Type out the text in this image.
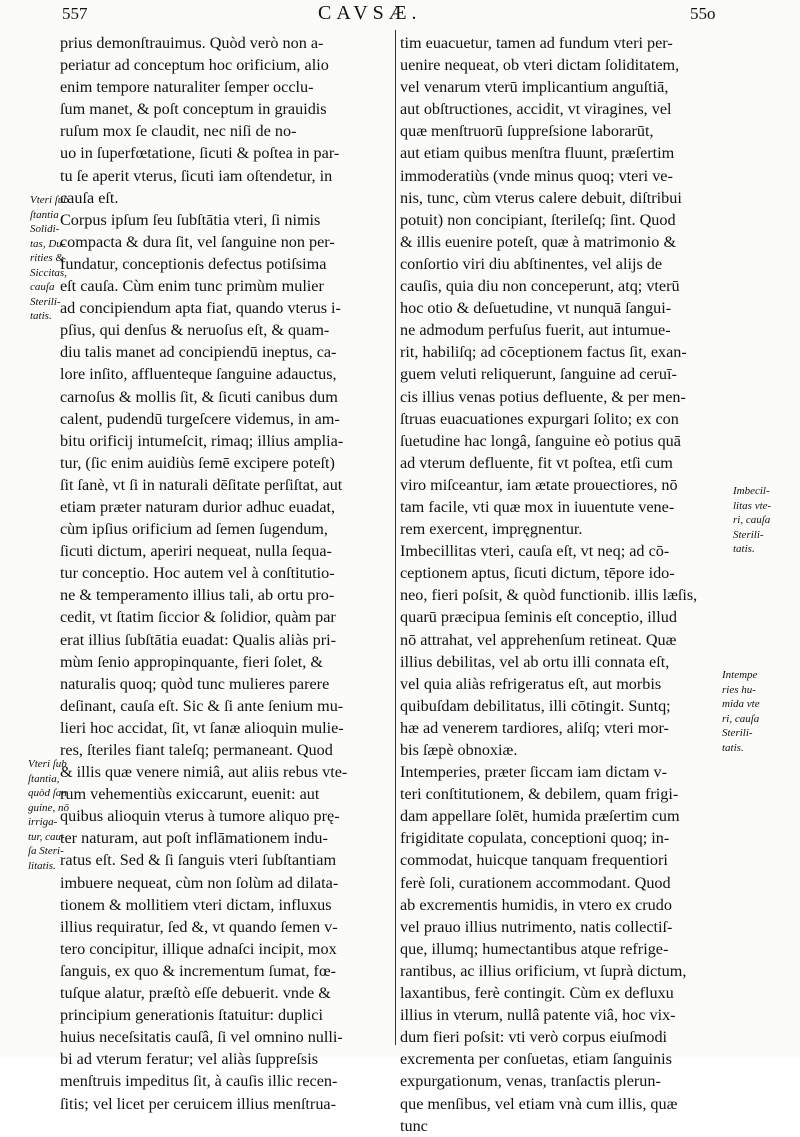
557	CAVSÆ.	55o
prius demonſtrauimus. Quòd verò non a-
periatur ad conceptum hoc orificium, alio
enim tempore naturaliter ſemper occlu-
ſum manet, & poſt conceptum in grauidis
ruſum mox ſe claudit, nec niſi de no-
uo in ſuperfœtatione, ſicuti & poſtea in par-
tu ſe aperit vterus, ſicuti iam oſtendetur, in
cauſa eſt.
Corpus ipſum ſeu ſubſtātia vteri, ſi nimis
compacta & dura ſit, vel ſanguine non per-
fundatur, conceptionis defectus potiſsima
eſt cauſa. Cùm enim tunc primùm mulier
ad concipiendum apta fiat, quando vterus i-
pſius, qui denſus & neruoſus eſt, & quam-
diu talis manet ad concipiendū ineptus, ca-
lore inſito, affluenteque ſanguine adauctus,
carnoſus & mollis ſit, & ſicuti canibus dum
calent, pudendū turgeſcere videmus, in am-
bitu orificij intumeſcit, rimaq; illius amplia-
tur, (ſic enim auidiùs ſemē excipere poteſt)
ſit ſanè, vt ſi in naturali dēſitate perſiſtat, aut
etiam præter naturam durior adhuc euadat,
cùm ipſius orificium ad ſemen ſugendum,
ſicuti dictum, aperiri nequeat, nulla ſequa-
tur conceptio. Hoc autem vel à conſtitutio-
ne & temperamento illius tali, ab ortu pro-
cedit, vt ſtatim ſiccior & ſolidior, quàm par
erat illius ſubſtātia euadat: Qualis aliàs pri-
mùm ſenio appropinquante, fieri ſolet, &
naturalis quoq; quòd tunc mulieres parere
deſinant, cauſa eſt. Sic & ſi ante ſenium mu-
lieri hoc accidat, ſit, vt ſanæ alioquin mulie-
res, ſteriles fiant taleſq; permaneant. Quod
& illis quæ venere nimiâ, aut aliis rebus vte-
rum vehementiùs exiccarunt, euenit: aut
quibus alioquin vterus à tumore aliquo prę-
ter naturam, aut poſt inflāmationem indu-
ratus eſt. Sed & ſi ſanguis vteri ſubſtantiam
imbuere nequeat, cùm non ſolùm ad dilata-
tionem & mollitiem vteri dictam, influxus
illius requiratur, ſed &, vt quando ſemen v-
tero concipitur, illique adnaſci incipit, mox
ſanguis, ex quo & incrementum ſumat, fœ-
tuſque alatur, præſtò eſſe debuerit. vnde &
principium generationis ſtatuitur: duplici
huius neceſsitatis cauſâ, ſi vel omnino nulli-
bi ad vterum feratur; vel aliàs ſuppreſsis
menſtruis impeditus ſit, à cauſis illic recen-
ſitis; vel licet per ceruicem illius menſtrua-
tim euacuetur, tamen ad fundum vteri per-
uenire nequeat, ob vteri dictam ſoliditatem,
vel venarum vterū implicantium anguſtiā,
aut obſtructiones, accidit, vt viragines, vel
quæ menſtruorū ſuppreſsione laborarūt,
aut etiam quibus menſtra fluunt, præſertim
immoderatiùs (vnde minus quoq; vteri ve-
nis, tunc, cùm vterus calere debuit, diſtribui
potuit) non concipiant, ſterileſq; ſint. Quod
& illis euenire poteſt, quæ à matrimonio &
conſortio viri diu abſtinentes, vel alijs de
cauſis, quia diu non conceperunt, atq; vterū
hoc otio & deſuetudine, vt nunquā ſangui-
ne admodum perfuſus fuerit, aut intumue-
rit, habiliſq; ad cōceptionem factus ſit, exan-
guem veluti reliquerunt, ſanguine ad ceruī-
cis illius venas potius defluente, & per men-
ſtruas euacuationes expurgari ſolito; ex con
ſuetudine hac longâ, ſanguine eò potius quā
ad vterum defluente, fit vt poſtea, etſi cum
viro miſceantur, iam ætate prouectiores, nō
tam facile, vti quæ mox in iuuentute vene-
rem exercent, impręgnentur.
Imbecillitas vteri, cauſa eſt, vt neq; ad cō-
ceptionem aptus, ſicuti dictum, tēpore ido-
neo, fieri poſsit, & quòd functionib. illis læſis,
quarū præcipua ſeminis eſt conceptio, illud
nō attrahat, vel apprehenſum retineat. Quæ
illius debilitas, vel ab ortu illi connata eſt,
vel quia aliàs refrigeratus eſt, aut morbis
quibuſdam debilitatus, illi cōtingit. Suntq;
hæ ad venerem tardiores, aliſq; vteri mor-
bis ſæpè obnoxiæ.
Intemperies, præter ſiccam iam dictam v-
teri conſtitutionem, & debilem, quam frigi-
dam appellare ſolēt, humida præſertim cum
frigiditate copulata, conceptioni quoq; in-
commodat, huicque tanquam frequentiori
ferè ſoli, curationem accommodant. Quod
ab excrementis humidis, in vtero ex crudo
vel prauo illius nutrimento, natis collectiſ-
que, illumq; humectantibus atque refrige-
rantibus, ac illius orificium, vt ſuprà dictum,
laxantibus, ferè contingit. Cùm ex defluxu
illius in vterum, nullâ patente viâ, hoc vix-
dum fieri poſsit: vti verò corpus eiuſmodi
excrementa per conſuetas, etiam ſanguinis
expurgationum, venas, tranſactis plerun-
que menſibus, vel etiam vnà cum illis, quæ
tunc
Vteri ſub
ſtantia
Solidi-
tas, Du-
rities &
Siccitas,
cauſa
Sterili-
tatis.
Vteri ſub
ſtantia,
quòd ſan
guine, nō
irriga-
tur, cau-
ſa Steri-
litatis.
Imbecil-
litas vte-
ri, cauſa
Sterili-
tatis.
Intempe
ries hu-
mida vte
ri, cauſa
Sterili-
tatis.
